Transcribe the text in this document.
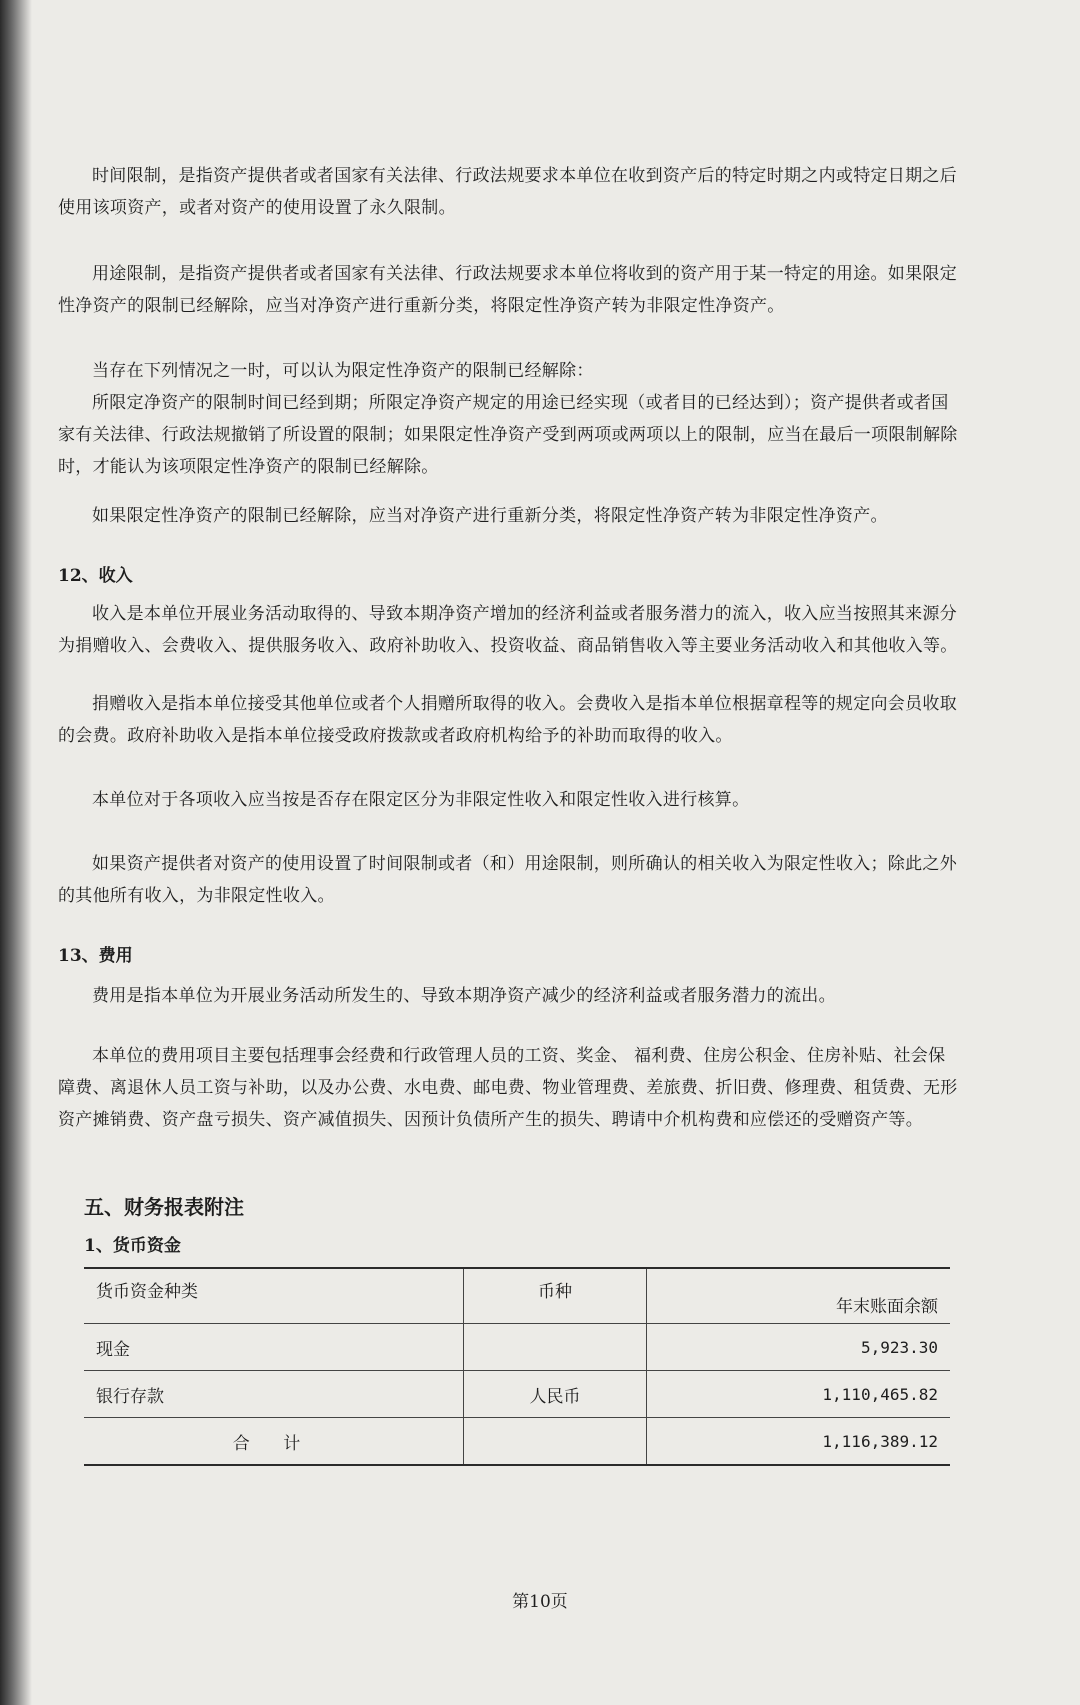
时间限制，是指资产提供者或者国家有关法律、行政法规要求本单位在收到资产后的特定时期之内或特定日期之后使用该项资产，或者对资产的使用设置了永久限制。

用途限制，是指资产提供者或者国家有关法律、行政法规要求本单位将收到的资产用于某一特定的用途。如果限定性净资产的限制已经解除，应当对净资产进行重新分类，将限定性净资产转为非限定性净资产。

当存在下列情况之一时，可以认为限定性净资产的限制已经解除：

所限定净资产的限制时间已经到期；所限定净资产规定的用途已经实现（或者目的已经达到）；资产提供者或者国家有关法律、行政法规撤销了所设置的限制；如果限定性净资产受到两项或两项以上的限制，应当在最后一项限制解除时，才能认为该项限定性净资产的限制已经解除。

如果限定性净资产的限制已经解除，应当对净资产进行重新分类，将限定性净资产转为非限定性净资产。

12、收入

收入是本单位开展业务活动取得的、导致本期净资产增加的经济利益或者服务潜力的流入，收入应当按照其来源分为捐赠收入、会费收入、提供服务收入、政府补助收入、投资收益、商品销售收入等主要业务活动收入和其他收入等。

捐赠收入是指本单位接受其他单位或者个人捐赠所取得的收入。会费收入是指本单位根据章程等的规定向会员收取的会费。政府补助收入是指本单位接受政府拨款或者政府机构给予的补助而取得的收入。

本单位对于各项收入应当按是否存在限定区分为非限定性收入和限定性收入进行核算。

如果资产提供者对资产的使用设置了时间限制或者（和）用途限制，则所确认的相关收入为限定性收入；除此之外的其他所有收入，为非限定性收入。

13、费用

费用是指本单位为开展业务活动所发生的、导致本期净资产减少的经济利益或者服务潜力的流出。

本单位的费用项目主要包括理事会经费和行政管理人员的工资、奖金、 福利费、住房公积金、住房补贴、社会保障费、离退休人员工资与补助，以及办公费、水电费、邮电费、物业管理费、差旅费、折旧费、修理费、租赁费、无形资产摊销费、资产盘亏损失、资产减值损失、因预计负债所产生的损失、聘请中介机构费和应偿还的受赠资产等。

五、财务报表附注
1、货币资金
货币资金种类	币种	年末账面余额
现金		5,923.30
银行存款	人民币	1,110,465.82
合 计		1,116,389.12
第10页
